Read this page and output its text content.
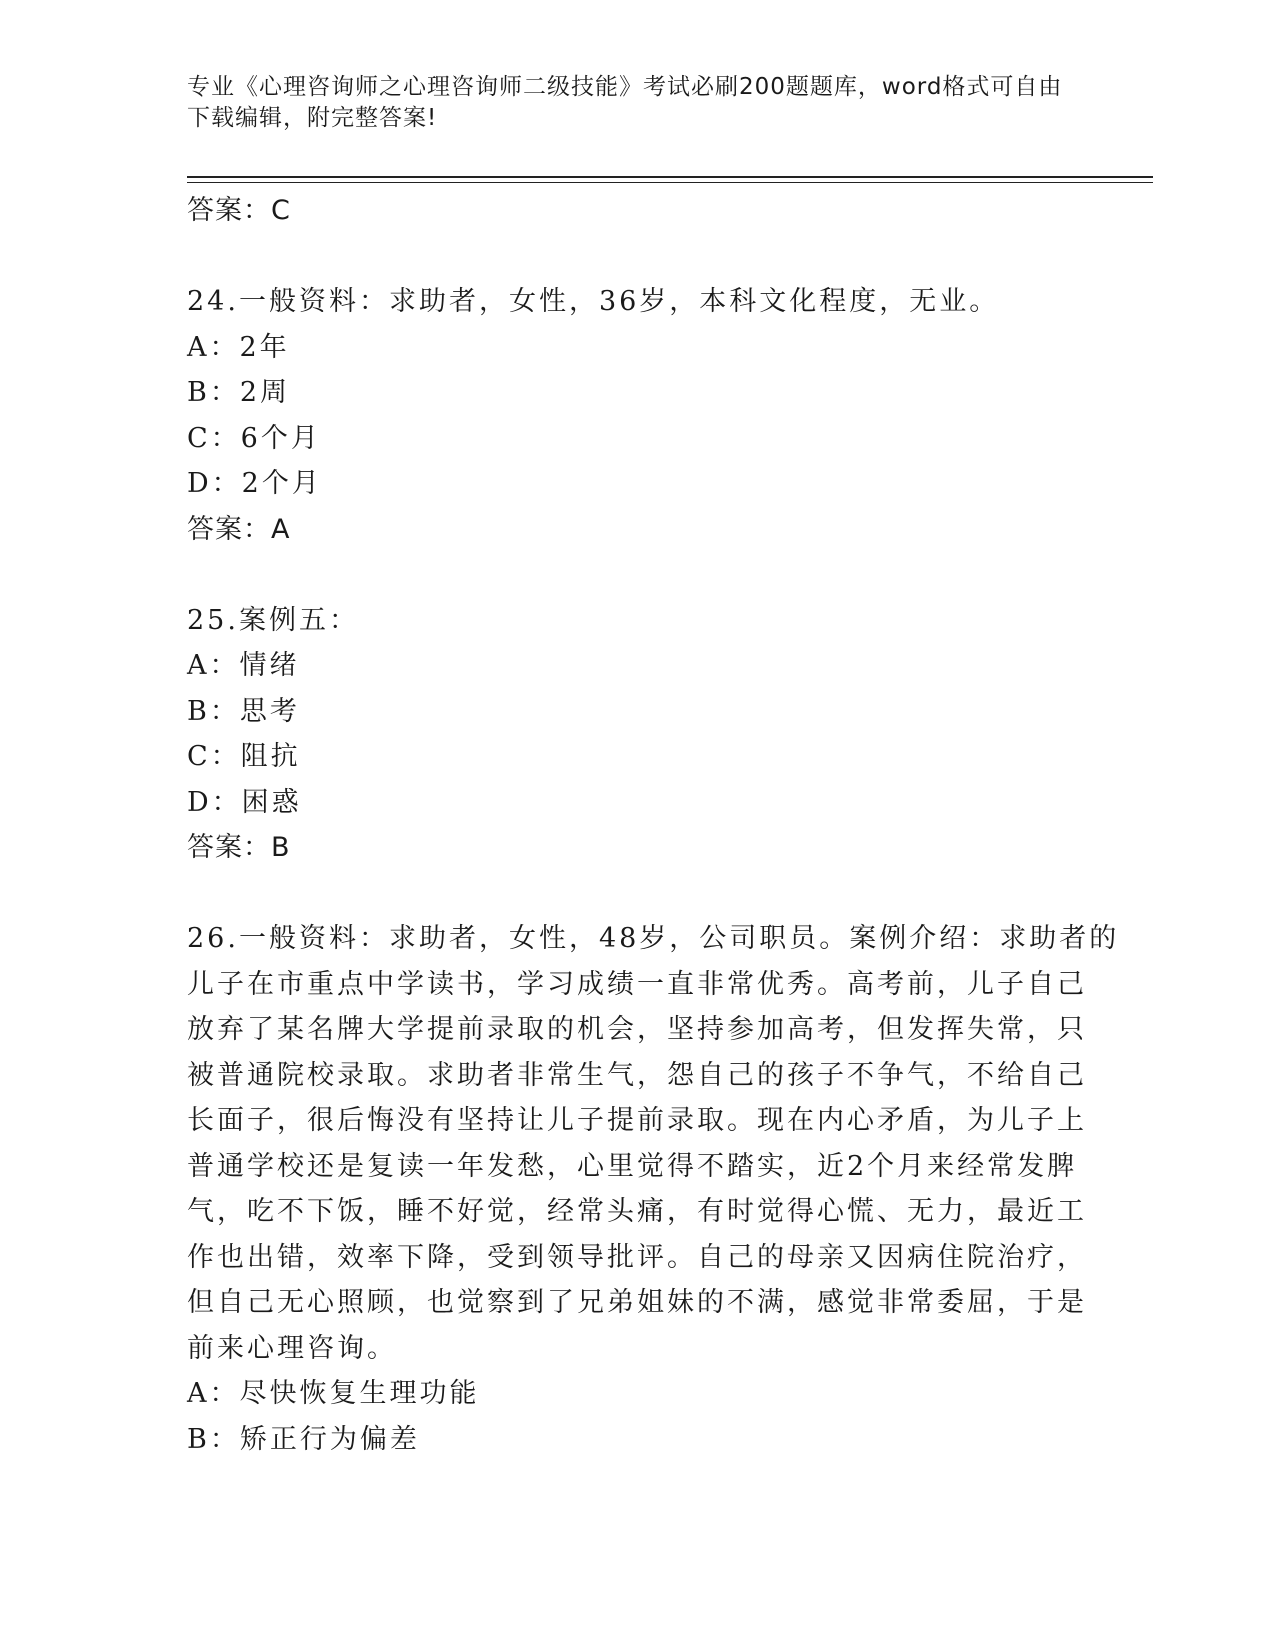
专业《心理咨询师之心理咨询师二级技能》考试必刷200题题库，word格式可自由下载编辑，附完整答案!
答案：C
24.一般资料：求助者，女性，36岁，本科文化程度，无业。
A：2年
B：2周
C：6个月
D：2个月
答案：A
25.案例五：
A：情绪
B：思考
C：阻抗
D：困惑
答案：B
26.一般资料：求助者，女性，48岁，公司职员。案例介绍：求助者的
儿子在市重点中学读书，学习成绩一直非常优秀。高考前，儿子自己
放弃了某名牌大学提前录取的机会，坚持参加高考，但发挥失常，只
被普通院校录取。求助者非常生气，怨自己的孩子不争气，不给自己
长面子，很后悔没有坚持让儿子提前录取。现在内心矛盾，为儿子上
普通学校还是复读一年发愁，心里觉得不踏实，近2个月来经常发脾
气，吃不下饭，睡不好觉，经常头痛，有时觉得心慌、无力，最近工
作也出错，效率下降，受到领导批评。自己的母亲又因病住院治疗，
但自己无心照顾，也觉察到了兄弟姐妹的不满，感觉非常委屈，于是
前来心理咨询。
A：尽快恢复生理功能
B：矫正行为偏差
